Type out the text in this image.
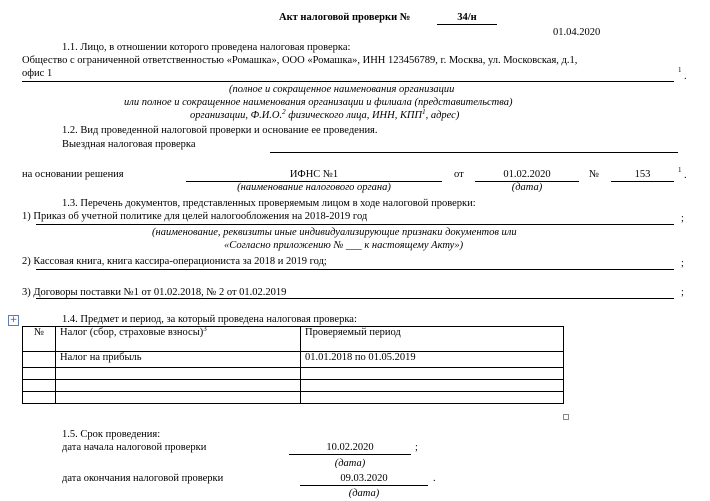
Акт налоговой проверки №	34/н
01.04.2020
1.1. Лицо, в отношении которого проведена налоговая проверка:
Общество с ограниченной ответственностью «Ромашка», ООО «Ромашка», ИНН 123456789, г. Москва, ул. Московская, д.1,
офис 1	1
.
(полное и сокращенное наименования организации
или полное и сокращенное наименования организации и филиала (представительства)
организации, Ф.И.О.$^2$ физического лица, ИНН, КПП$^1$, адрес)
1.2. Вид проведенной налоговой проверки и основание ее проведения.
Выездная налоговая проверка
на основании решения	ИФНС №1
(наименование налогового органа)
от	01.02.2020
(дата)
№	153	1 .
1.3. Перечень документов, представленных проверяемым лицом в ходе налоговой проверки:
1) Приказ об учетной политике для целей налогообложения на 2018-2019 год	;
(наименование, реквизиты иные индивидуализирующие признаки документов или
«Согласно приложению № ___ к настоящему Акту»)
2) Кассовая книга, книга кассира-операциониста за 2018 и 2019 год;	;
3) Договоры поставки №1 от 01.02.2018, № 2 от 01.02.2019	;
+	1.4. Предмет и период, за который проведена налоговая проверка:
№	Налог (сбор, страховые взносы)$^3$	Проверяемый период
	Налог на прибыль	01.01.2018 по 01.05.2019

1.5. Срок проведения:
дата начала налоговой проверки	10.02.2020	;
(дата)
дата окончания налоговой проверки	09.03.2020	.
(дата)
